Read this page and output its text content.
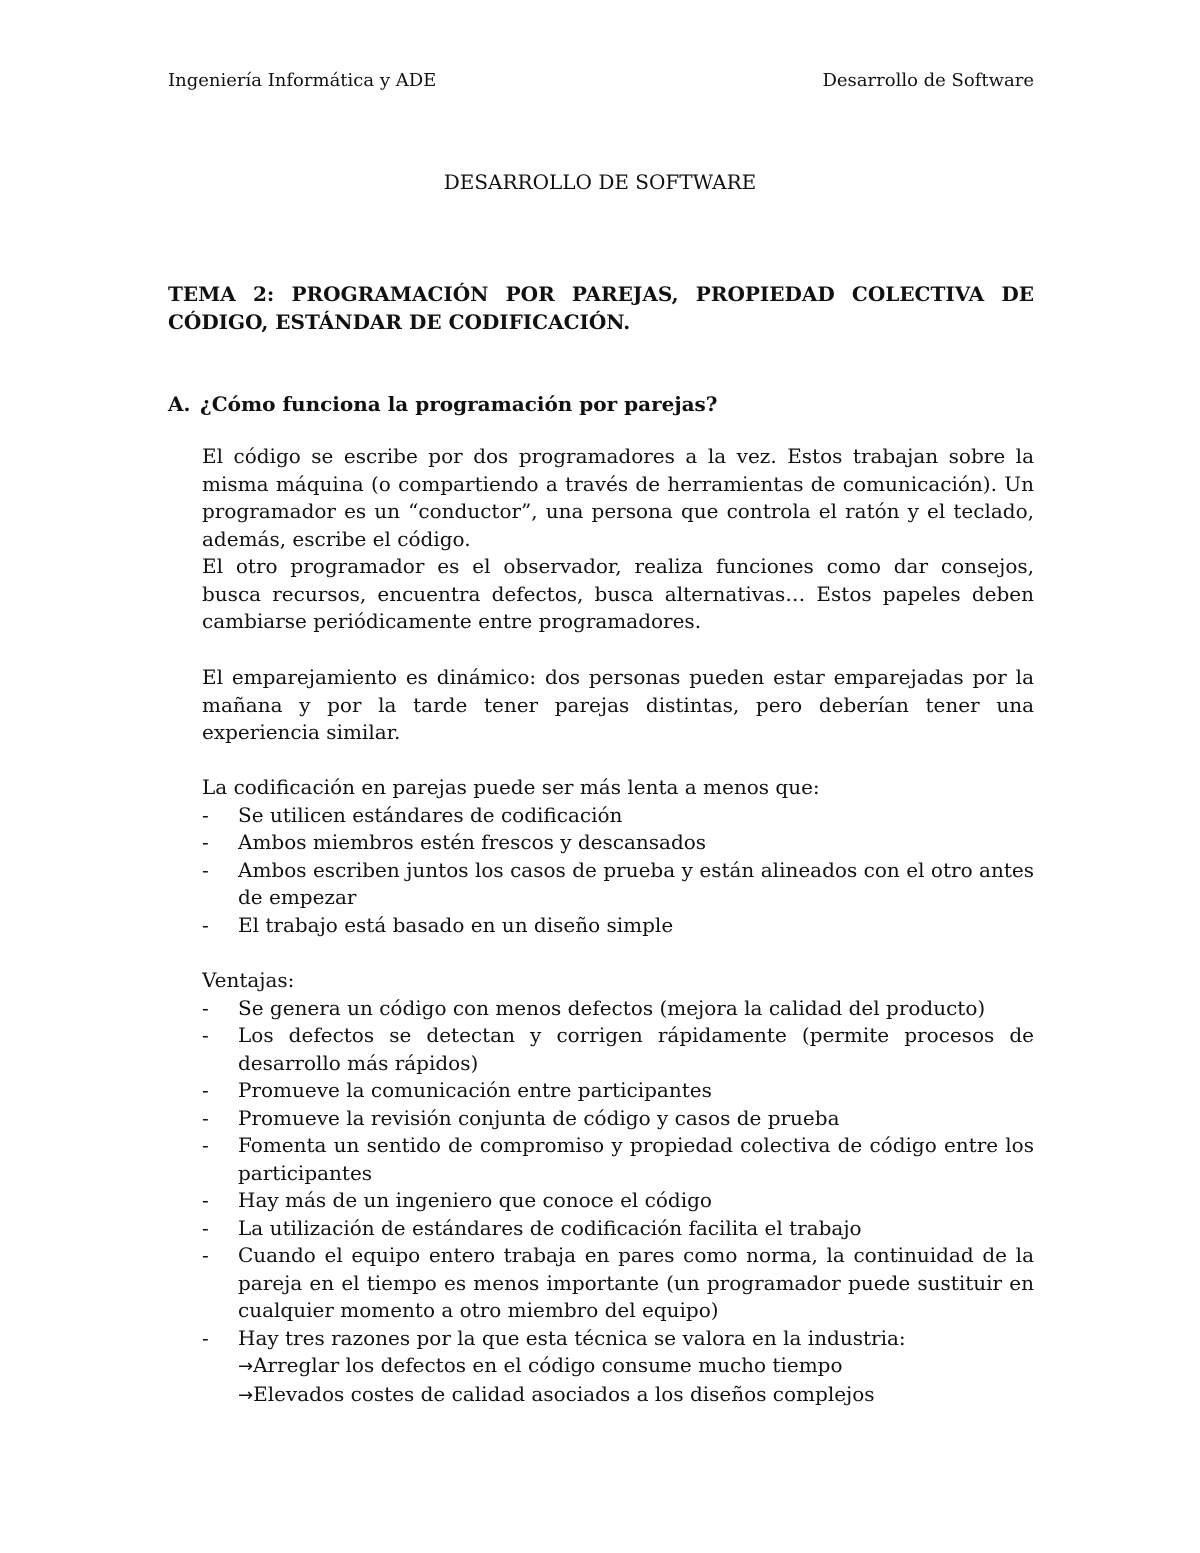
Ingeniería Informática y ADE	Desarrollo de Software
DESARROLLO DE SOFTWARE
TEMA 2: PROGRAMACIÓN POR PAREJAS, PROPIEDAD COLECTIVA DE CÓDIGO, ESTÁNDAR DE CODIFICACIÓN.
A. ¿Cómo funciona la programación por parejas?

El código se escribe por dos programadores a la vez. Estos trabajan sobre la misma máquina (o compartiendo a través de herramientas de comunicación). Un programador es un “conductor”, una persona que controla el ratón y el teclado, además, escribe el código.

El otro programador es el observador, realiza funciones como dar consejos, busca recursos, encuentra defectos, busca alternativas… Estos papeles deben cambiarse periódicamente entre programadores.

El emparejamiento es dinámico: dos personas pueden estar emparejadas por la mañana y por la tarde tener parejas distintas, pero deberían tener una experiencia similar.

La codificación en parejas puede ser más lenta a menos que:

- Se utilicen estándares de codificación
- Ambos miembros estén frescos y descansados
- Ambos escriben juntos los casos de prueba y están alineados con el otro antes de empezar
- El trabajo está basado en un diseño simple

Ventajas:

- Se genera un código con menos defectos (mejora la calidad del producto)
- Los defectos se detectan y corrigen rápidamente (permite procesos de desarrollo más rápidos)
- Promueve la comunicación entre participantes
- Promueve la revisión conjunta de código y casos de prueba
- Fomenta un sentido de compromiso y propiedad colectiva de código entre los participantes
- Hay más de un ingeniero que conoce el código
- La utilización de estándares de codificación facilita el trabajo
- Cuando el equipo entero trabaja en pares como norma, la continuidad de la pareja en el tiempo es menos importante (un programador puede sustituir en cualquier momento a otro miembro del equipo)
- Hay tres razones por la que esta técnica se valora en la industria:
→Arreglar los defectos en el código consume mucho tiempo
→Elevados costes de calidad asociados a los diseños complejos
